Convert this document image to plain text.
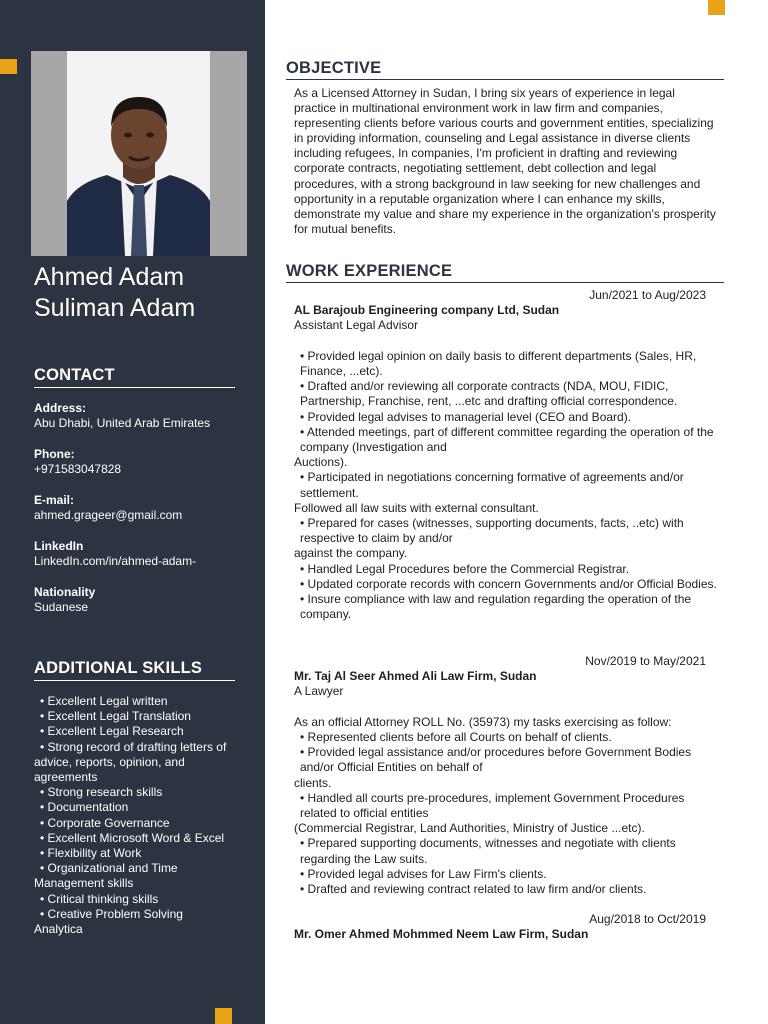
Ahmed Adam
Suliman Adam
CONTACT
Address:
Abu Dhabi, United Arab Emirates
Phone:
+971583047828
E-mail:
ahmed.grageer@gmail.com
LinkedIn
LinkedIn.com/in/ahmed-adam-
Nationality
Sudanese
ADDITIONAL SKILLS
• Excellent Legal written
• Excellent Legal Translation
• Excellent Legal Research
• Strong record of drafting letters of advice, reports, opinion, and agreements
• Strong research skills
• Documentation
• Corporate Governance
• Excellent Microsoft Word & Excel
• Flexibility at Work
• Organizational and Time Management skills
• Critical thinking skills
• Creative Problem Solving Analytica
OBJECTIVE
As a Licensed Attorney in Sudan, I bring six years of experience in legal practice in multinational environment work in law firm and companies, representing clients before various courts and government entities, specializing in providing information, counseling and Legal assistance in diverse clients including refugees, In companies, I'm proficient in drafting and reviewing corporate contracts, negotiating settlement, debt collection and legal procedures, with a strong background in law seeking for new challenges and opportunity in a reputable organization where I can enhance my skills, demonstrate my value and share my experience in the organization's prosperity for mutual benefits.
WORK EXPERIENCE
Jun/2021 to Aug/2023
AL Barajoub Engineering company Ltd, Sudan
Assistant Legal Advisor
• Provided legal opinion on daily basis to different departments (Sales, HR, Finance, ...etc).
• Drafted and/or reviewing all corporate contracts (NDA, MOU, FIDIC, Partnership, Franchise, rent, ...etc and drafting official correspondence.
• Provided legal advises to managerial level (CEO and Board).
• Attended meetings, part of different committee regarding the operation of the company (Investigation and
Auctions).
• Participated in negotiations concerning formative of agreements and/or settlement.
Followed all law suits with external consultant.
• Prepared for cases (witnesses, supporting documents, facts, ..etc) with respective to claim by and/or
against the company.
• Handled Legal Procedures before the Commercial Registrar.
• Updated corporate records with concern Governments and/or Official Bodies.
• Insure compliance with law and regulation regarding the operation of the company.
Nov/2019 to May/2021
Mr. Taj Al Seer Ahmed Ali Law Firm, Sudan
A Lawyer
As an official Attorney ROLL No. (35973) my tasks exercising as follow:
• Represented clients before all Courts on behalf of clients.
• Provided legal assistance and/or procedures before Government Bodies and/or Official Entities on behalf of
clients.
• Handled all courts pre-procedures, implement Government Procedures related to official entities
(Commercial Registrar, Land Authorities, Ministry of Justice ...etc).
• Prepared supporting documents, witnesses and negotiate with clients regarding the Law suits.
• Provided legal advises for Law Firm's clients.
• Drafted and reviewing contract related to law firm and/or clients.
Aug/2018 to Oct/2019
Mr. Omer Ahmed Mohmmed Neem Law Firm, Sudan
